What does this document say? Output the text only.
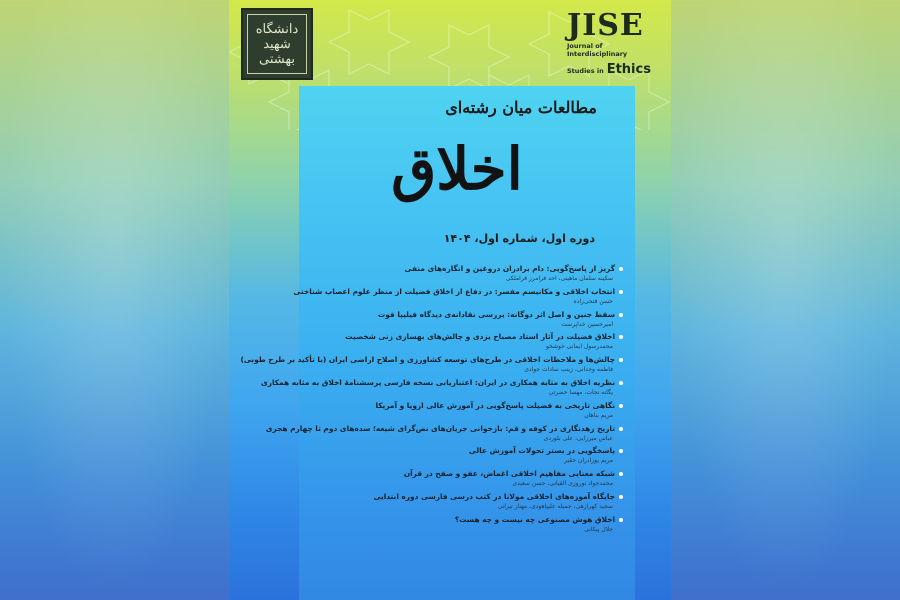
دانشگاه
شهید
بهشتی
JISE
Journal of Interdisciplinary
Studies in Ethics
مطالعات میان رشته‌ای
اخلاق
دوره اول، شماره اول، ۱۴۰۴
گریز از پاسخ‌گویی: دام برادران دروغین و انگاره‌های منفی
سکینه سلمان ماهینی، احد فرامرز قراملکی
انتخاب اخلاقی و مکانیسم مفسر: در دفاع از اخلاق فضیلت از منظر علوم اعصاب شناختی
حسن فتحی‌زاده
سقط جنین و اصل اثر دوگانه: بررسی نقادانه‌ی دیدگاه فیلیپا فوت
امیرحسین خداپرست
اخلاق فضیلت در آثار استاد مصباح یزدی و چالش‌های بهسازی زنی شخصیت
محمدرسول ایمانی خوشخو
چالش‌ها و ملاحظات اخلاقی در طرح‌های توسعه کشاورزی و اصلاح اراضی ایران (با تأکید بر طرح طوبی)
فاطمه وجدانی، زینب سادات جوادی
نظریه اخلاق به مثابه همکاری در ایران: اعتباریابی نسخه فارسی پرسشنامهٔ اخلاق به مثابه همکاری
یگانه نجات، مهسا حضرتی
نگاهی تاریخی به فضیلت پاسخ‌گویی در آموزش عالی اروپا و آمریکا
مریم بناهان
تاریخ زهدنگاری در کوفه و قم: بازخوانی جریان‌های نص‌گرای شیعه؛ سده‌های دوم تا چهارم هجری
عباس میرزایی، علی بلوردی
پاسخگویی در بستر تحولات آموزش عالی
مریم پورادران حقیر
شبکه معنایی مفاهیم اخلاقی اغماض، عفو و صفح در قرآن
محمدجواد نوروزی القیانی، حسن سعیدی
جایگاه آموزه‌های اخلاقی مولانا در کتب درسی فارسی دوره ابتدایی
سجید کهرازهی، جمیله علیپاهودی، مهناز تیرانی
اخلاق هوش مصنوعی چه نیست و چه هست؟
جلال پیکانی
